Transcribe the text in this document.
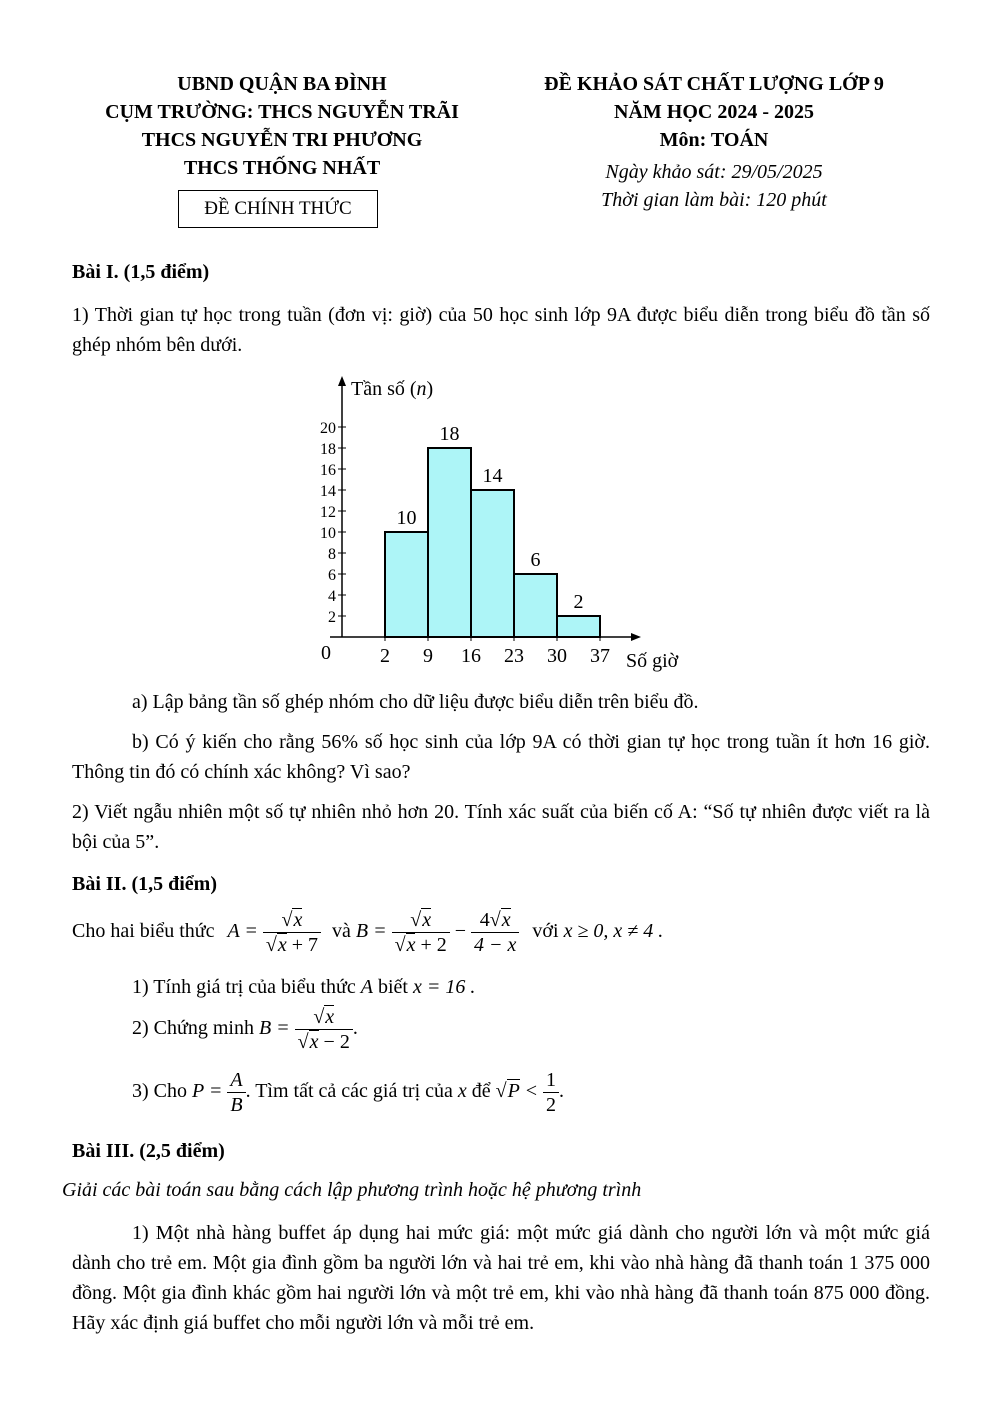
UBND QUẬN BA ĐÌNH
CỤM TRƯỜNG: THCS NGUYỄN TRÃI
THCS NGUYỄN TRI PHƯƠNG
THCS THỐNG NHẤT
ĐỀ CHÍNH THỨC
ĐỀ KHẢO SÁT CHẤT LƯỢNG LỚP 9
NĂM HỌC 2024 - 2025
Môn: TOÁN
Ngày khảo sát: 29/05/2025
Thời gian làm bài: 120 phút
Bài I. (1,5 điểm)
1) Thời gian tự học trong tuần (đơn vị: giờ) của 50 học sinh lớp 9A được biểu diễn trong biểu đồ tần số ghép nhóm bên dưới.
Tần số (n)
2
4
6
8
10
12
14
16
18
20
0
10
18
14
6
2
2 9 16 23 30 37 Số giờ
a) Lập bảng tần số ghép nhóm cho dữ liệu được biểu diễn trên biểu đồ.
b) Có ý kiến cho rằng 56% số học sinh của lớp 9A có thời gian tự học trong tuần ít hơn 16 giờ. Thông tin đó có chính xác không? Vì sao?
2) Viết ngẫu nhiên một số tự nhiên nhỏ hơn 20. Tính xác suất của biến cố A: “Số tự nhiên được viết ra là bội của 5”.
Bài II. (1,5 điểm)
Cho hai biểu thức $A = \frac{√x}{√x + 7}$ và $B = \frac{√x}{√x + 2} - \frac{4√x}{4 - x}$ với x ≥ 0, x ≠ 4 .
1) Tính giá trị của biểu thức A biết x = 16 .
2) Chứng minh $B = \frac{√x}{√x - 2}$ .
3) Cho $P = \frac{A}{B}$ . Tìm tất cả các giá trị của x để $√P < \frac{1}{2}$ .
Bài III. (2,5 điểm)
Giải các bài toán sau bằng cách lập phương trình hoặc hệ phương trình
1) Một nhà hàng buffet áp dụng hai mức giá: một mức giá dành cho người lớn và một mức giá dành cho trẻ em. Một gia đình gồm ba người lớn và hai trẻ em, khi vào nhà hàng đã thanh toán 1 375 000 đồng. Một gia đình khác gồm hai người lớn và một trẻ em, khi vào nhà hàng đã thanh toán 875 000 đồng. Hãy xác định giá buffet cho mỗi người lớn và mỗi trẻ em.
